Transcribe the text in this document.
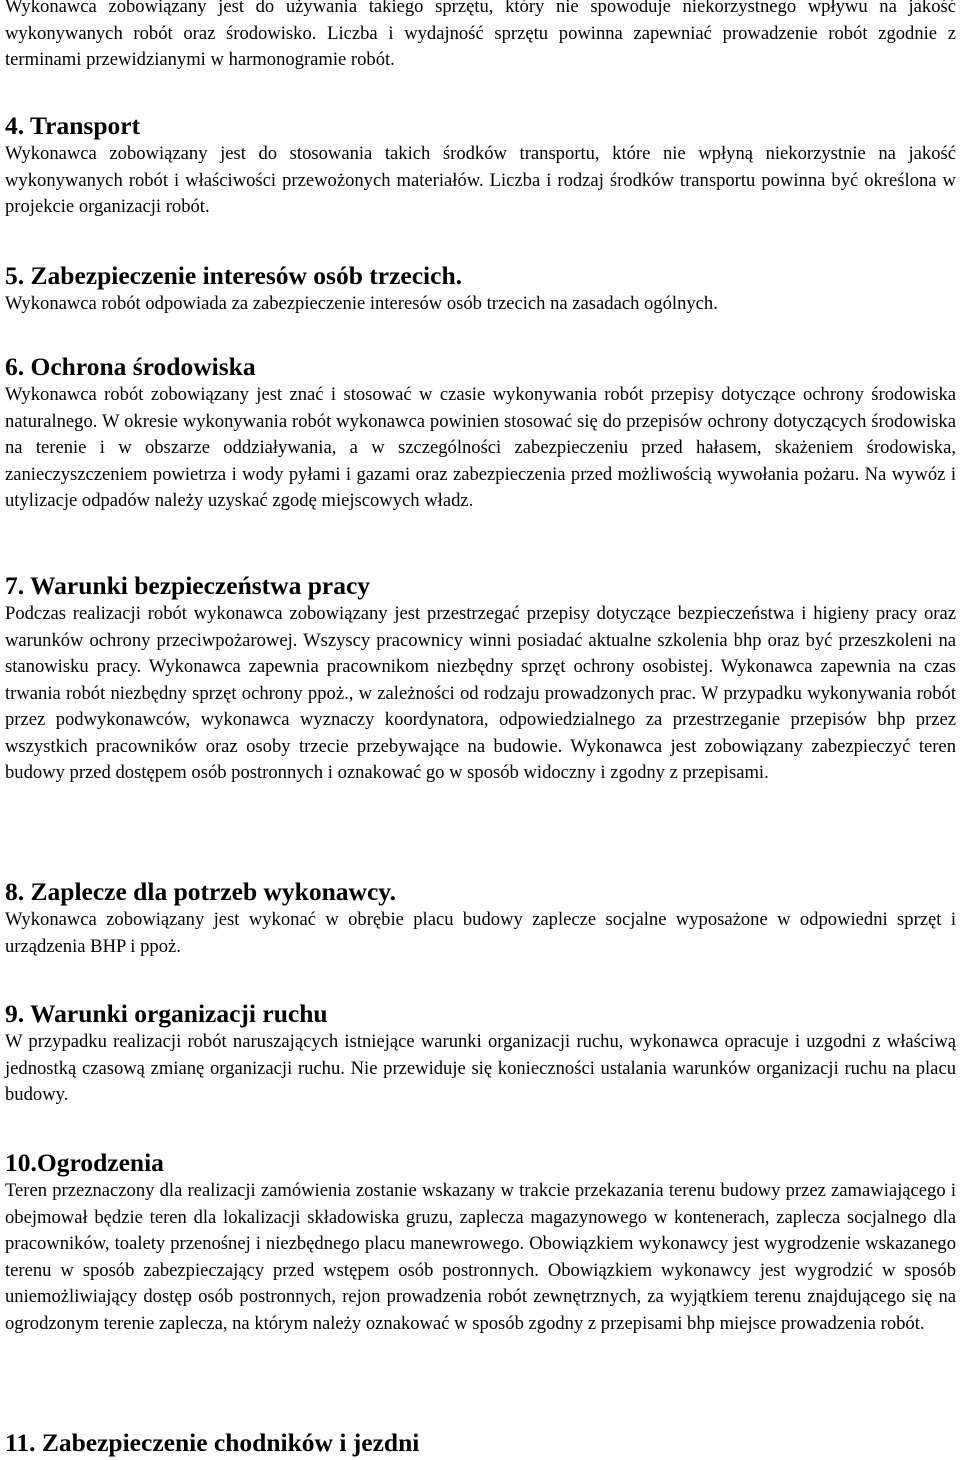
Wykonawca zobowiązany jest do używania takiego sprzętu, który nie spowoduje niekorzystnego wpływu na jakość wykonywanych robót oraz środowisko. Liczba i wydajność sprzętu powinna zapewniać prowadzenie robót zgodnie z terminami przewidzianymi w harmonogramie robót.

4. Transport

Wykonawca zobowiązany jest do stosowania takich środków transportu, które nie wpłyną niekorzystnie na jakość wykonywanych robót i właściwości przewożonych materiałów. Liczba i rodzaj środków transportu powinna być określona w projekcie organizacji robót.

5. Zabezpieczenie interesów osób trzecich.

Wykonawca robót odpowiada za zabezpieczenie interesów osób trzecich na zasadach ogólnych.

6. Ochrona środowiska

Wykonawca robót zobowiązany jest znać i stosować w czasie wykonywania robót przepisy dotyczące ochrony środowiska naturalnego. W okresie wykonywania robót wykonawca powinien stosować się do przepisów ochrony dotyczących środowiska na terenie i w obszarze oddziaływania, a w szczególności zabezpieczeniu przed hałasem, skażeniem środowiska, zanieczyszczeniem powietrza i wody pyłami i gazami oraz zabezpieczenia przed możliwością wywołania pożaru. Na wywóz i utylizacje odpadów należy uzyskać zgodę miejscowych władz.

7. Warunki bezpieczeństwa pracy

Podczas realizacji robót wykonawca zobowiązany jest przestrzegać przepisy dotyczące bezpieczeństwa i higieny pracy oraz warunków ochrony przeciwpożarowej. Wszyscy pracownicy winni posiadać aktualne szkolenia bhp oraz być przeszkoleni na stanowisku pracy. Wykonawca zapewnia pracownikom niezbędny sprzęt ochrony osobistej. Wykonawca zapewnia na czas trwania robót niezbędny sprzęt ochrony ppoż., w zależności od rodzaju prowadzonych prac. W przypadku wykonywania robót przez podwykonawców, wykonawca wyznaczy koordynatora, odpowiedzialnego za przestrzeganie przepisów bhp przez wszystkich pracowników oraz osoby trzecie przebywające na budowie. Wykonawca jest zobowiązany zabezpieczyć teren budowy przed dostępem osób postronnych i oznakować go w sposób widoczny i zgodny z przepisami.

8. Zaplecze dla potrzeb wykonawcy.

Wykonawca zobowiązany jest wykonać w obrębie placu budowy zaplecze socjalne wyposażone w odpowiedni sprzęt i urządzenia BHP i ppoż.

9. Warunki organizacji ruchu

W przypadku realizacji robót naruszających istniejące warunki organizacji ruchu, wykonawca opracuje i uzgodni z właściwą jednostką czasową zmianę organizacji ruchu. Nie przewiduje się konieczności ustalania warunków organizacji ruchu na placu budowy.

10.Ogrodzenia

Teren przeznaczony dla realizacji zamówienia zostanie wskazany w trakcie przekazania terenu budowy przez zamawiającego i obejmował będzie teren dla lokalizacji składowiska gruzu, zaplecza magazynowego w kontenerach, zaplecza socjalnego dla pracowników, toalety przenośnej i niezbędnego placu manewrowego. Obowiązkiem wykonawcy jest wygrodzenie wskazanego terenu w sposób zabezpieczający przed wstępem osób postronnych. Obowiązkiem wykonawcy jest wygrodzić w sposób uniemożliwiający dostęp osób postronnych, rejon prowadzenia robót zewnętrznych, za wyjątkiem terenu znajdującego się na ogrodzonym terenie zaplecza, na którym należy oznakować w sposób zgodny z przepisami bhp miejsce prowadzenia robót.

11. Zabezpieczenie chodników i jezdni
